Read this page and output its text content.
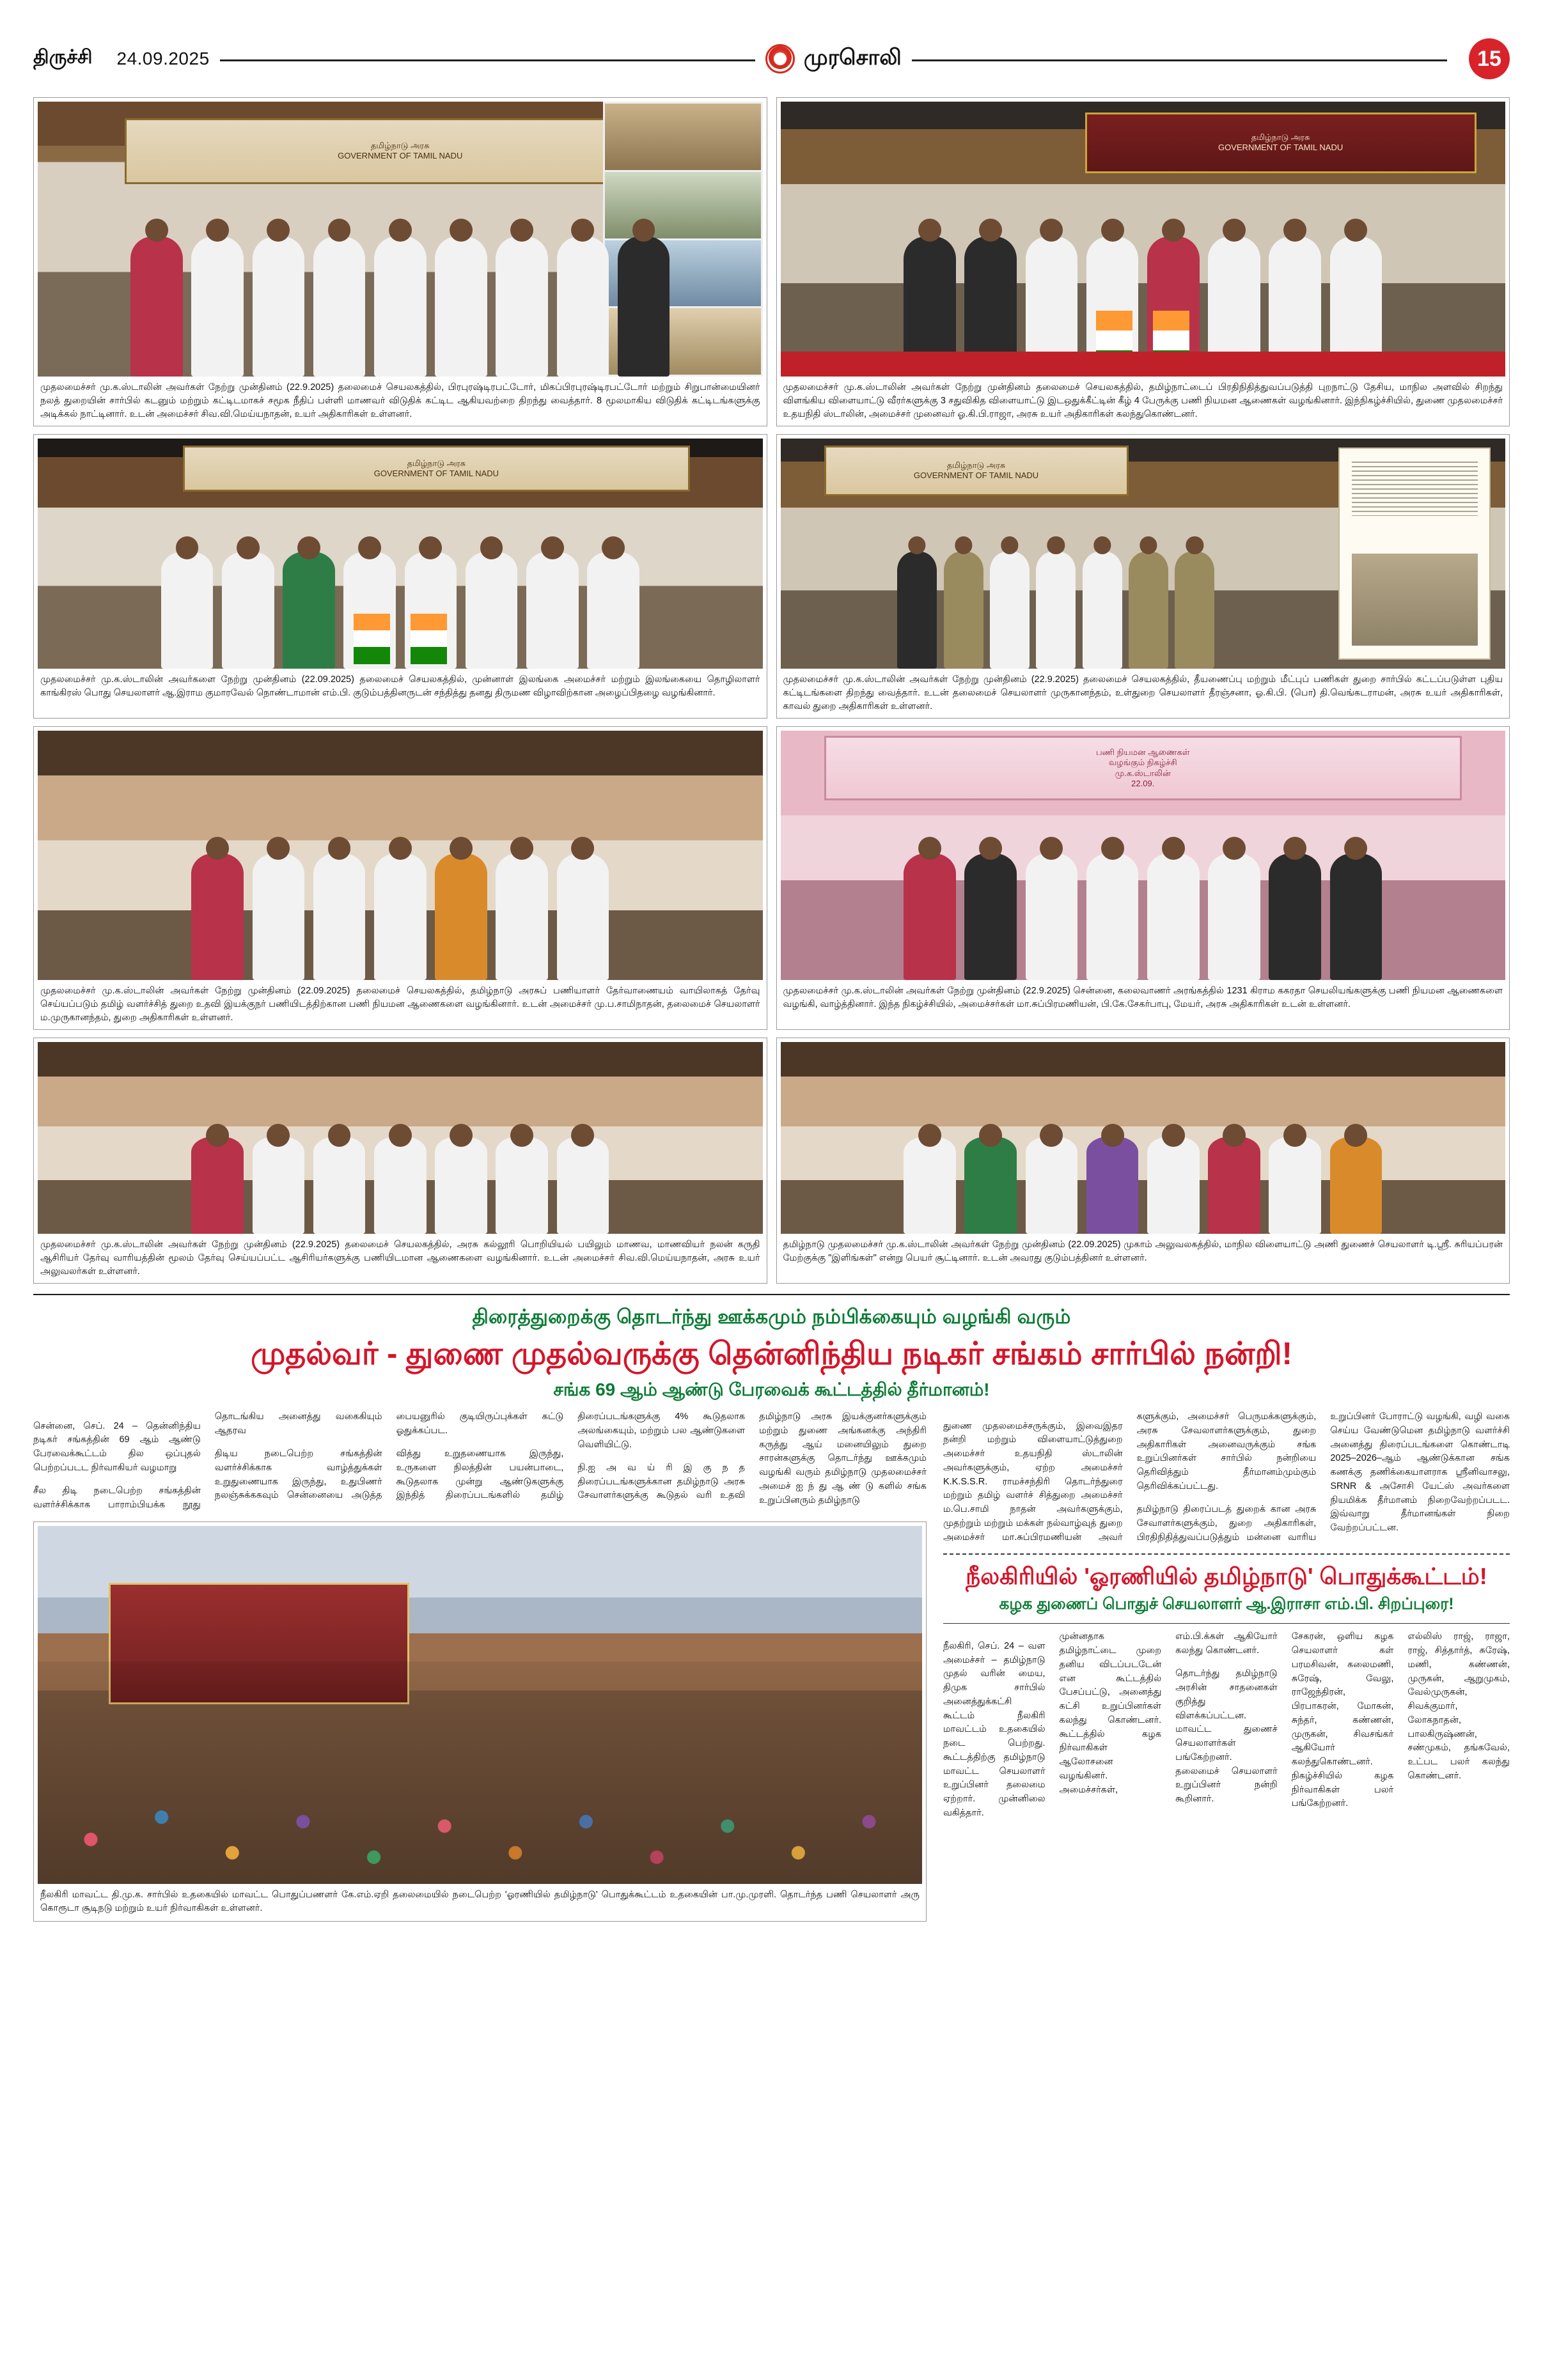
திருச்சி 24.09.2025	முரசொலி	15
தமிழ்நாடு அரசு
GOVERNMENT OF TAMIL NADU
முதலமைச்சர் மு.க.ஸ்டாலின் அவர்கள் நேற்று முன்தினம் (22.9.2025) தலைமைச் செயலகத்தில், பிரபுரஷ்டிரபட்டோர், மிகப்பிரபுரஷ்டிரபட்டோர் மற்றும் சிறுபான்மையினர் நலத் துறையின் சார்பில் கடனும் மற்றும் கட்டிடமாகச் சமூக நீதிப் பள்ளி மாணவர் விடுதிக் கட்டிட ஆகியவற்றை திறந்து வைத்தார். 8 மூலமாகிய விடுதிக் கட்டிடங்களுக்கு அடிக்கல் நாட்டினார். உடன் அமைச்சர் சிவ.வி.மெய்யநாதன், உயர் அதிகாரிகள் உள்ளனர்.
தமிழ்நாடு அரசு
GOVERNMENT OF TAMIL NADU
முதலமைச்சர் மு.க.ஸ்டாலின் அவர்கள் நேற்று முன்தினம் தலைமைச் செயலகத்தில், தமிழ்நாட்டைப் பிரதிநிதித்துவப்படுத்தி புறநாட்டு தேசிய, மாநில அளவில் சிறந்து விளங்கிய விளையாட்டு வீரர்களுக்கு 3 சதுவிகித விளையாட்டு இடஒதுக்கீட்டின் கீழ் 4 பேருக்கு பணி நியமன ஆணைகள் வழங்கினார். இந்நிகழ்ச்சியில், துணை முதலமைச்சர் உதயநிதி ஸ்டாலின், அமைச்சர் முனைவர் ஓ.கி.பி.ராஜா, அரசு உயர் அதிகாரிகள் கலந்துகொண்டனர்.
தமிழ்நாடு அரசு
GOVERNMENT OF TAMIL NADU
முதலமைச்சர் மு.க.ஸ்டாலின் அவர்களை நேற்று முன்தினம் (22.09.2025) தலைமைச் செயலகத்தில், முன்னாள் இலங்கை அமைச்சர் மற்றும் இலங்கையை தொழிலாளர் காங்கிரஸ் பொது செயலாளர் ஆ.இராம குமாரவேல் நொண்டாமான் எம்.பி. குடும்பத்தினருடன் சந்தித்து தனது திருமண விழாவிற்கான அழைப்பிதழை வழங்கினார்.
தமிழ்நாடு அரசு
GOVERNMENT OF TAMIL NADU
முதலமைச்சர் மு.க.ஸ்டாலின் அவர்கள் நேற்று முன்தினம் (22.9.2025) தலைமைச் செயலகத்தில், தீயணைப்பு மற்றும் மீட்புப் பணிகள் துறை சார்பில் கட்டப்படுள்ள புதிய கட்டிடங்களை திறந்து வைத்தார். உடன் தலைமைச் செயலாளர் முருகானந்தம், உள்துறை செயலாளர் தீரஞ்சனா, ஓ.கி.பி. (பொ) தி.வெங்கடராமன், அரசு உயர் அதிகாரிகள், காவல் துறை அதிகாரிகள் உள்ளனர்.
முதலமைச்சர் மு.க.ஸ்டாலின் அவர்கள் நேற்று முன்தினம் (22.09.2025) தலைமைச் செயலகத்தில், தமிழ்நாடு அரசுப் பணியாளர் தேர்வாணையம் வாயிலாகத் தேர்வு செய்யப்படும் தமிழ் வளர்ச்சித் துறை உதவி இயக்குநர் பணியிடத்திற்கான பணி நியமன ஆணைகளை வழங்கினார். உடன் அமைச்சர் மு.ப.சாமிநாதன், தலைமைச் செயலாளர் ம.முருகானந்தம், துறை அதிகாரிகள் உள்ளனர்.
பணி நியமன ஆணைகள்
வழங்கும் நிகழ்ச்சி
மு.க.ஸ்டாலின்
22.09.
முதலமைச்சர் மு.க.ஸ்டாலின் அவர்கள் நேற்று முன்தினம் (22.9.2025) சென்னை, கலைவாணர் அரங்கத்தில் 1231 கிராம ககரதா செயலியங்களுக்கு பணி நியமன ஆணைகளை வழங்கி, வாழ்த்தினார். இந்த நிகழ்ச்சியில், அமைச்சர்கள் மா.சுப்பிரமணியன், பி.கே.சேகர்பாபு, மேயர், அரசு அதிகாரிகள் உடன் உள்ளனர்.
முதலமைச்சர் மு.க.ஸ்டாலின் அவர்கள் நேற்று முன்தினம் (22.9.2025) தலைமைச் செயலகத்தில், அரசு கல்லூரி பொறியியல் பயிலும் மாணவ, மாணவியர் நலன் கருதி ஆசிரியர் தேர்வு வாரியத்தின் மூலம் தேர்வு செய்யப்பட்ட ஆசிரியர்களுக்கு பணியிடமான ஆணைகளை வழங்கினார். உடன் அமைச்சர் சிவ.வி.மெய்யநாதன், அரசு உயர் அலுவலர்கள் உள்ளனர்.
தமிழ்நாடு முதலமைச்சர் மு.க.ஸ்டாலின் அவர்கள் நேற்று முன்தினம் (22.09.2025) முகாம் அலுவலகத்தில், மாநில விளையாட்டு அணி துணைச் செயலாளர் டி.ஸ்ரீ. சுரியப்பரன் மேற்குக்கு "இளிங்கள்" என்று பெயர் சூட்டினார். உடன் அவரது குடும்பத்தினர் உள்ளனர்.
திரைத்துறைக்கு தொடர்ந்து ஊக்கமும் நம்பிக்கையும் வழங்கி வரும்
முதல்வர் - துணை முதல்வருக்கு தென்னிந்திய நடிகர் சங்கம் சார்பில் நன்றி!
சங்க 69 ஆம் ஆண்டு பேரவைக் கூட்டத்தில் தீர்மானம்!

சென்னை, செப். 24 – தென்னிந்திய நடிகர் சங்கத்தின் 69 ஆம் ஆண்டு பேரவைக்கூட்டம் தில ஒப்புதல் பெற்றப்படட நிர்வாகியர் வழமாறு

சீல திடி நடைபெற்ற சங்கத்தின் வளர்ச்சிக்காக பாராம்பியக்க நூது தொடங்கிய அனைத்து வகைகியும் ஆதரவ

திடிய நடைபெற்ற சங்கத்தின் வளர்ச்சிக்காக வாழ்த்துக்கள் உறுதுணையாக இருந்து, உதுபிணர் நலஞ்சுக்ககவும் சென்னையை அடுத்த பையனுரில் குடியிருப்புக்கள் கட்டு ஓதுக்கப்பட.

வித்து உறுதணையாக இருந்து, உருகளை நிலத்தின் பயன்பாடை, கூடுதலாக முன்று ஆண்டுகளுக்கு இந்தித் திரைப்படங்களில் தமிழ் திரைப்படங்களுக்கு 4% கூடுதலாக அலங்கையும், மற்றும் பல ஆண்டுகளை வெளியிட்டு.

நி.ஐ அ வ ய் ரி இ கு ந த திரைப்படங்களுக்கான தமிழ்நாடு அரசு சேவாளர்களுக்கு கூடுதல் வரி உதவி தமிழ்நாடு அரசு இயக்குனர்களுக்கும் மற்றும் துணை அங்கனக்கு அந்திரி கருத்து ஆய் மனையிலும் துறை சாரன்களுக்கு தொடர்ந்து ஊக்கமும் வழங்கி வரும் தமிழ்நாடு முதலமைச்சர் அமைச் ஐ ந் து ஆ ண் டு களில் சங்க உறுப்பினரும் தமிழ்நாடு

நீலகிரி மாவட்ட தி.மு.க. சார்பில் உதகையில் மாவட்ட பொதுப்பணளர் கே.எம்.ஏறி தலைமையில் நடைபெற்ற 'ஓரணியில் தமிழ்நாடு' பொதுக்கூட்டம் உதகையின் பா.மு.முரளி. தொடர்ந்த பணி செயலாளர் அரு கொரூடா சூடிநடு மற்றும் உயர் நிர்வாகிகள் உள்ளனர்.

துணை முதலமைச்சருக்கும், இவைஇதர நன்றி மற்றும் விளையாட்டுத்துறை அமைச்சர் உதயநிதி ஸ்டாலின் அவர்களுக்கும், ஏற்ற அமைச்சர் K.K.S.S.R. ராமச்சந்திரி தொடர்ந்துரை மற்றும் தமிழ் வளர்ச் சித்துறை அமைச்சர் ம.பெ.சாமி நாதன் அவர்களுக்கும், முதற்றும் மற்றும் மக்கள் நல்வாழ்வுத் துறை அமைச்சர் மா.சுப்பிரமணியன் அவர் களுக்கும், அமைச்சர் பெருமக்களுக்கும், அரசு சேவலாளர்களுக்கும், துறை அதிகாரிகள் அனைவருக்கும் சங்க உறுப்பினர்கள் சார்பில் நன்றியை தெரிவித்தும் தீர்மானம்மும்கும் தெரிவிக்கப்பட்டது.

தமிழ்நாடு திரைப்படத் துறைக் கான அரசு சேவாளர்களுக்கும், துறை அதிகாரிகள், பிரதிநிதித்துவப்படுத்தும் மன்னை வாரிய உறுப்பினர் போராட்டு வழங்கி, வழி வகை செய்ய வேண்டுமென தமிழ்நாடு வளர்ச்சி அனைத்து திரைப்படங்களை கொண்டாடி 2025–2026–ஆம் ஆண்டுக்கான சங்க கணக்கு தணிக்கையாளராக ஸ்ரீனிவாசலு, SRNR & அசோசி யேட்ஸ் அவர்களை நியமிக்க தீர்மானம் நிறைவேற்றப்படட. இவ்வாறு தீர்மானங்கள் நிறை வேற்றப்பட்டன.

நீலகிரியில் 'ஓரணியில் தமிழ்நாடு' பொதுக்கூட்டம்!
கழக துணைப் பொதுச் செயலாளர் ஆ.இராசா எம்.பி. சிறப்புரை!

நீலகிரி, செப். 24 – வள அமைச்சர் – தமிழ்நாடு முதல் வரின் மைய, திமுக சார்பில் அனைத்துக்கட்சி கூட்டம் நீலகிரி மாவட்டம் உதகையில் நடை பெற்றது. கூட்டத்திற்கு தமிழ்நாடு மாவட்ட செயலாளர் உறுப்பினர் தலைமை ஏற்றார். முன்னிலை வகித்தார்.

முன்னதாக தமிழ்நாட்டை முறை தனிய விடப்படடேன் என கூட்டத்தில் பேசப்பட்டு, அனைத்து கட்சி உறுப்பினர்கள் கலந்து கொண்டனர். கூட்டத்தில் கழக நிர்வாகிகள் ஆலோசனை வழங்கினர். அமைச்சர்கள், எம்.பி.க்கள் ஆகியோர் கலந்து கொண்டனர்.

தொடர்ந்து தமிழ்நாடு அரசின் சாதனைகள் குறித்து விளக்கப்பட்டன. மாவட்ட துணைச் செயலாளர்கள் பங்கேற்றனர். தலைமைச் செயலாளர் உறுப்பினர் நன்றி கூறினார்.

சேகரன், ஒளிய கழக செயலாளர் கள் பரமசிவன், கலைமணி, சுரேஷ், வேலு, ராஜேந்திரன், பிரபாகரன், மோகன், சுந்தர், கண்ணன், முருகன், சிவசங்கர் ஆகியோர் கலந்துகொண்டனர். நிகழ்ச்சியில் கழக நிர்வாகிகள் பலர் பங்கேற்றனர்.

எல்லிஸ் ராஜ், ராஜா, ராஜ், சித்தார்த், சுரேஷ், மணி, கண்ணன், முருகன், ஆறுமுகம், வேல்முருகன், சிவக்குமார், லோகநாதன், பாலகிருஷ்ணன், சண்முகம், தங்கவேல், உட்பட பலர் கலந்து கொண்டனர்.
